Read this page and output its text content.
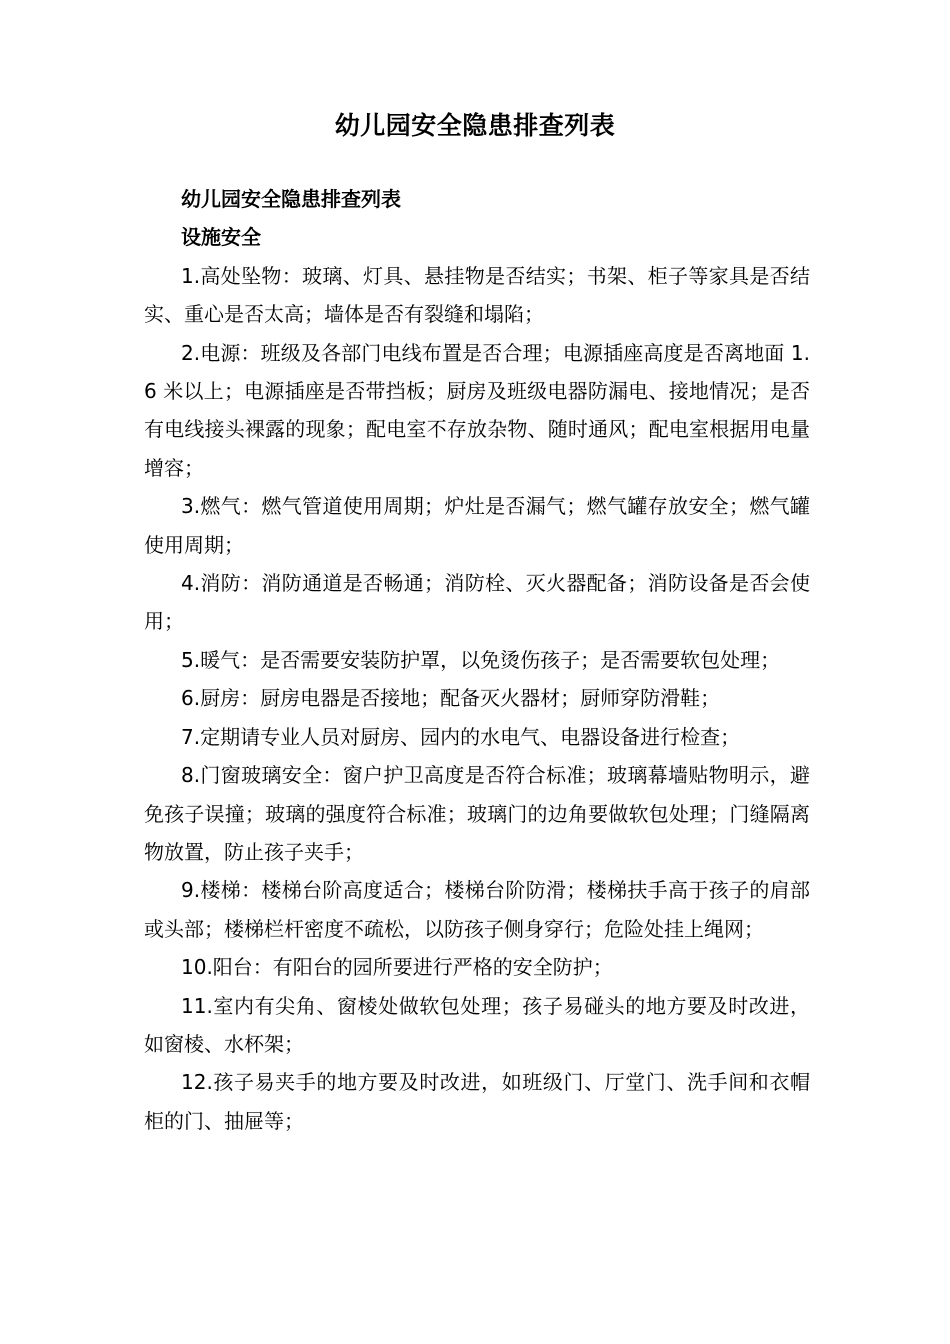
幼儿园安全隐患排查列表

幼儿园安全隐患排查列表

设施安全

1.高处坠物：玻璃、灯具、悬挂物是否结实；书架、柜子等家具是否结实、重心是否太高；墙体是否有裂缝和塌陷；

2.电源：班级及各部门电线布置是否合理；电源插座高度是否离地面 1.6 米以上；电源插座是否带挡板；厨房及班级电器防漏电、接地情况；是否有电线接头裸露的现象；配电室不存放杂物、随时通风；配电室根据用电量增容；

3.燃气：燃气管道使用周期；炉灶是否漏气；燃气罐存放安全；燃气罐使用周期；

4.消防：消防通道是否畅通；消防栓、灭火器配备；消防设备是否会使用；

5.暖气：是否需要安装防护罩，以免烫伤孩子；是否需要软包处理；

6.厨房：厨房电器是否接地；配备灭火器材；厨师穿防滑鞋；

7.定期请专业人员对厨房、园内的水电气、电器设备进行检查；

8.门窗玻璃安全：窗户护卫高度是否符合标准；玻璃幕墙贴物明示，避免孩子误撞；玻璃的强度符合标准；玻璃门的边角要做软包处理；门缝隔离物放置，防止孩子夹手；

9.楼梯：楼梯台阶高度适合；楼梯台阶防滑；楼梯扶手高于孩子的肩部或头部；楼梯栏杆密度不疏松，以防孩子侧身穿行；危险处挂上绳网；

10.阳台：有阳台的园所要进行严格的安全防护；

11.室内有尖角、窗棱处做软包处理；孩子易碰头的地方要及时改进，如窗棱、水杯架；

12.孩子易夹手的地方要及时改进，如班级门、厅堂门、洗手间和衣帽柜的门、抽屉等；
